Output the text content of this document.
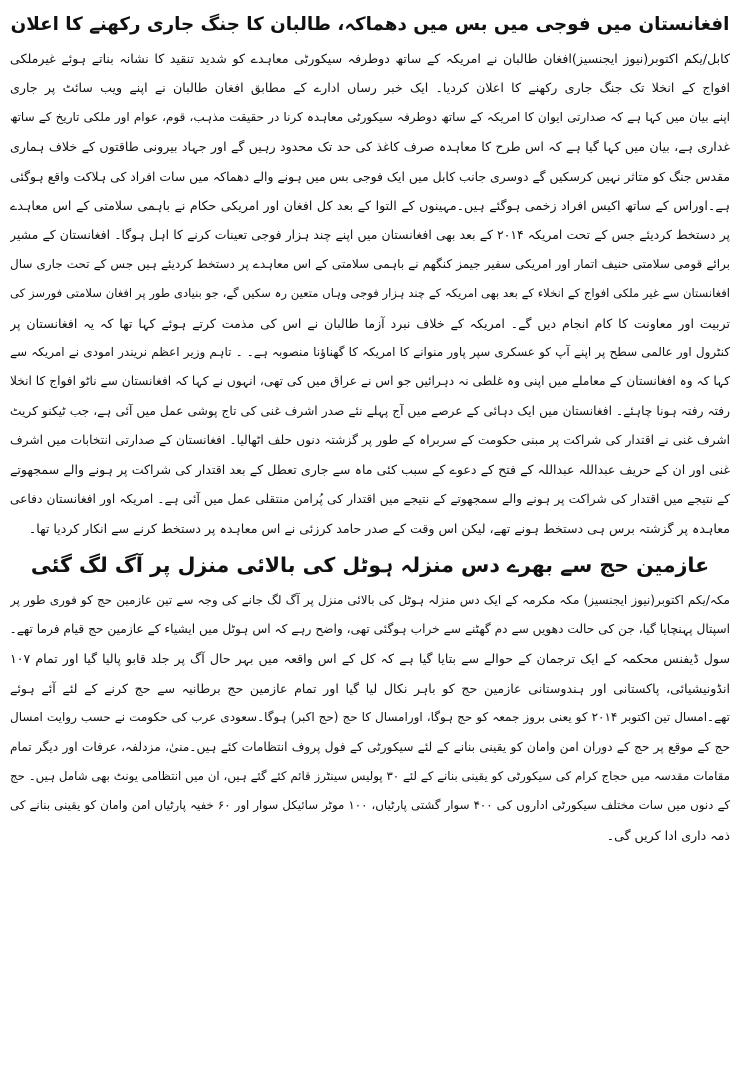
افغانستان میں فوجی میں بس میں دھماکہ، طالبان کا جنگ جاری رکھنے کا اعلان

کابل/یکم اکتوبر(نیوز ایجنسیز)افغان طالبان نے امریکہ کے ساتھ دوطرفہ سیکورٹی معاہدے کو شدید تنقید کا نشانہ بناتے ہوئے غیرملکی

افواج کے انخلا تک جنگ جاری رکھنے کا اعلان کردیا۔ ایک خبر رساں ادارے کے مطابق افغان طالبان نے اپنے ویب سائٹ پر جاری

اپنے بیان میں کہا ہے کہ صدارتی ایوان کا امریکہ کے ساتھ دوطرفہ سیکورٹی معاہدہ کرنا در حقیقت مذہب، قوم، عوام اور ملکی تاریخ کے ساتھ

غداری ہے، بیان میں کہا گیا ہے کہ اس طرح کا معاہدہ صرف کاغذ کی حد تک محدود رہیں گے اور جہاد بیرونی طاقتوں کے خلاف ہماری

مقدس جنگ کو متاثر نہیں کرسکیں گے دوسری جانب کابل میں ایک فوجی بس میں ہونے والے دھماکہ میں سات افراد کی ہلاکت واقع ہوگئی

ہے۔اوراس کے ساتھ اکیس افراد زخمی ہوگئے ہیں۔مہینوں کے التوا کے بعد کل افغان اور امریکی حکام نے باہمی سلامتی کے اس معاہدے

پر دستخط کردیئے جس کے تحت امریکہ ۲۰۱۴ کے بعد بھی افغانستان میں اپنے چند ہزار فوجی تعینات کرنے کا اہل ہوگا۔ افغانستان کے مشیر

برائے قومی سلامتی حنیف اتمار اور امریکی سفیر جیمز کنگھم نے باہمی سلامتی کے اس معاہدے پر دستخط کردیئے ہیں جس کے تحت جاری سال

افغانستان سے غیر ملکی افواج کے انخلاء کے بعد بھی امریکہ کے چند ہزار فوجی وہاں متعین رہ سکیں گے، جو بنیادی طور پر افغان سلامتی فورسز کی

تربیت اور معاونت کا کام انجام دیں گے۔ امریکہ کے خلاف نبرد آزما طالبان نے اس کی مذمت کرتے ہوئے کہا تھا کہ یہ افغانستان پر

کنٹرول اور عالمی سطح پر اپنے آپ کو عسکری سپر پاور منوانے کا امریکہ کا گھناؤنا منصوبہ ہے۔ ۔ تاہم وزیر اعظم نریندر امودی نے امریکہ سے

کہا کہ وہ افغانستان کے معاملے میں اپنی وہ غلطی نہ دہرائیں جو اس نے عراق میں کی تھی، انہوں نے کہا کہ افغانستان سے ناٹو افواج کا انخلا

رفتہ رفتہ ہونا چاہئے۔ افغانستان میں ایک دہائی کے عرصے میں آج پہلے نئے صدر اشرف غنی کی تاج پوشی عمل میں آئی ہے، جب ٹیکنو کریٹ

اشرف غنی نے اقتدار کی شراکت پر مبنی حکومت کے سربراہ کے طور پر گزشتہ دنوں حلف اٹھالیا۔ افغانستان کے صدارتی انتخابات میں اشرف

غنی اور ان کے حریف عبداللہ عبداللہ کے فتح کے دعوے کے سبب کئی ماہ سے جاری تعطل کے بعد اقتدار کی شراکت پر ہونے والے سمجھوتے

کے نتیجے میں اقتدار کی شراکت پر ہونے والے سمجھوتے کے نتیجے میں اقتدار کی پُرامن منتقلی عمل میں آئی ہے۔ امریکہ اور افغانستان دفاعی

معاہدہ پر گزشتہ برس ہی دستخط ہونے تھے، لیکن اس وقت کے صدر حامد کرزئی نے اس معاہدہ پر دستخط کرنے سے انکار کردیا تھا۔

عازمین حج سے بھرے دس منزلہ ہوٹل کی بالائی منزل پر آگ لگ گئی

مکہ/یکم اکتوبر(نیوز ایجنسیز) مکہ مکرمہ کے ایک دس منزلہ ہوٹل کی بالائی منزل پر آگ لگ جانے کی وجہ سے تین عازمین حج کو فوری طور پر

اسپتال پہنچایا گیا، جن کی حالت دھویں سے دم گھٹنے سے خراب ہوگئی تھی، واضح رہے کہ اس ہوٹل میں ایشیاء کے عازمین حج قیام فرما تھے۔

سول ڈیفنس محکمہ کے ایک ترجمان کے حوالے سے بتایا گیا ہے کہ کل کے اس واقعہ میں بہر حال آگ پر جلد قابو پالیا گیا اور تمام ۱۰۷

انڈونیشیائی، پاکستانی اور ہندوستانی عازمین حج کو باہر نکال لیا گیا اور تمام عازمین حج برطانیہ سے حج کرنے کے لئے آئے ہوئے

تھے۔امسال تین اکتوبر ۲۰۱۴ کو یعنی بروز جمعہ کو حج ہوگا، اورامسال کا حج (حج اکبر) ہوگا۔سعودی عرب کی حکومت نے حسب روایت امسال

حج کے موقع پر حج کے دوران امن وامان کو یقینی بنانے کے لئے سیکورٹی کے فول پروف انتظامات کئے ہیں۔منیٰ، مزدلفہ، عرفات اور دیگر تمام

مقامات مقدسہ میں حجاج کرام کی سیکورٹی کو یقینی بنانے کے لئے ۳۰ پولیس سینٹرز قائم کئے گئے ہیں، ان میں انتظامی یونٹ بھی شامل ہیں۔ حج

کے دنوں میں سات مختلف سیکورٹی اداروں کی ۴۰۰ سوار گشتی پارٹیاں، ۱۰۰ موٹر سائیکل سوار اور ۶۰ خفیہ پارٹیاں امن وامان کو یقینی بنانے کی

ذمہ داری ادا کریں گی۔
